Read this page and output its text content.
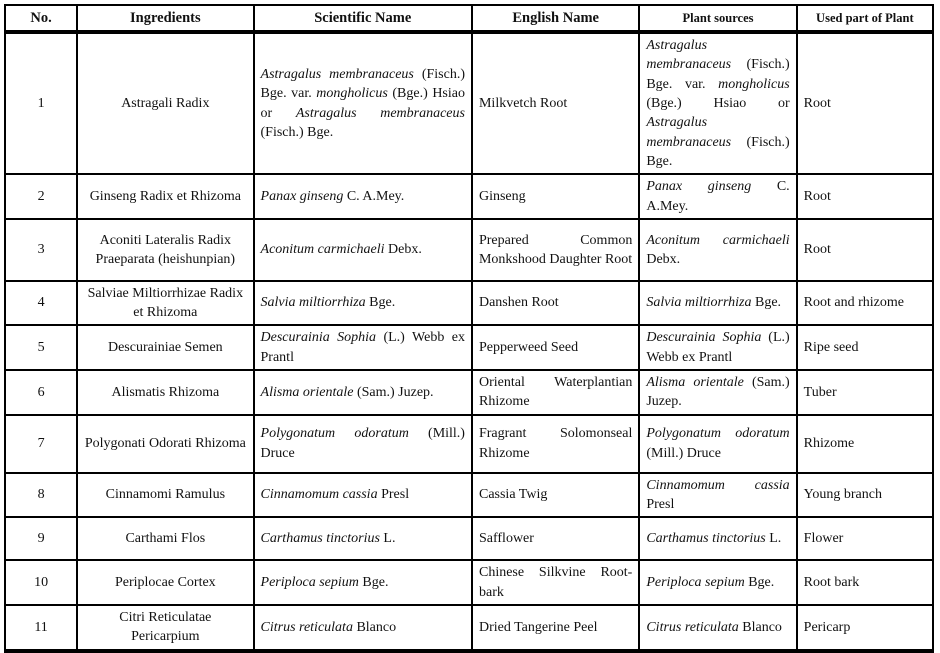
No.	Ingredients	Scientific Name	English Name	Plant sources	Used part of Plant
1	Astragali Radix	Astragalus membranaceus (Fisch.) Bge. var. mongholicus (Bge.) Hsiao or Astragalus membranaceus (Fisch.) Bge.	Milkvetch Root	Astragalus membranaceus (Fisch.) Bge. var. mongholicus (Bge.) Hsiao or Astragalus membranaceus (Fisch.) Bge.	Root
2	Ginseng Radix et Rhizoma	Panax ginseng C. A.Mey.	Ginseng	Panax ginseng C. A.Mey.	Root
3	Aconiti Lateralis Radix Praeparata (heishunpian)	Aconitum carmichaeli Debx.	Prepared Common Monkshood Daughter Root	Aconitum carmichaeli Debx.	Root
4	Salviae Miltiorrhizae Radix et Rhizoma	Salvia miltiorrhiza Bge.	Danshen Root	Salvia miltiorrhiza Bge.	Root and rhizome
5	Descurainiae Semen	Descurainia Sophia (L.) Webb ex Prantl	Pepperweed Seed	Descurainia Sophia (L.) Webb ex Prantl	Ripe seed
6	Alismatis Rhizoma	Alisma orientale (Sam.) Juzep.	Oriental Waterplantian Rhizome	Alisma orientale (Sam.) Juzep.	Tuber
7	Polygonati Odorati Rhizoma	Polygonatum odoratum (Mill.) Druce	Fragrant Solomonseal Rhizome	Polygonatum odoratum (Mill.) Druce	Rhizome
8	Cinnamomi Ramulus	Cinnamomum cassia Presl	Cassia Twig	Cinnamomum cassia Presl	Young branch
9	Carthami Flos	Carthamus tinctorius L.	Safflower	Carthamus tinctorius L.	Flower
10	Periplocae Cortex	Periploca sepium Bge.	Chinese Silkvine Root-bark	Periploca sepium Bge.	Root bark
11	Citri Reticulatae Pericarpium	Citrus reticulata Blanco	Dried Tangerine Peel	Citrus reticulata Blanco	Pericarp
